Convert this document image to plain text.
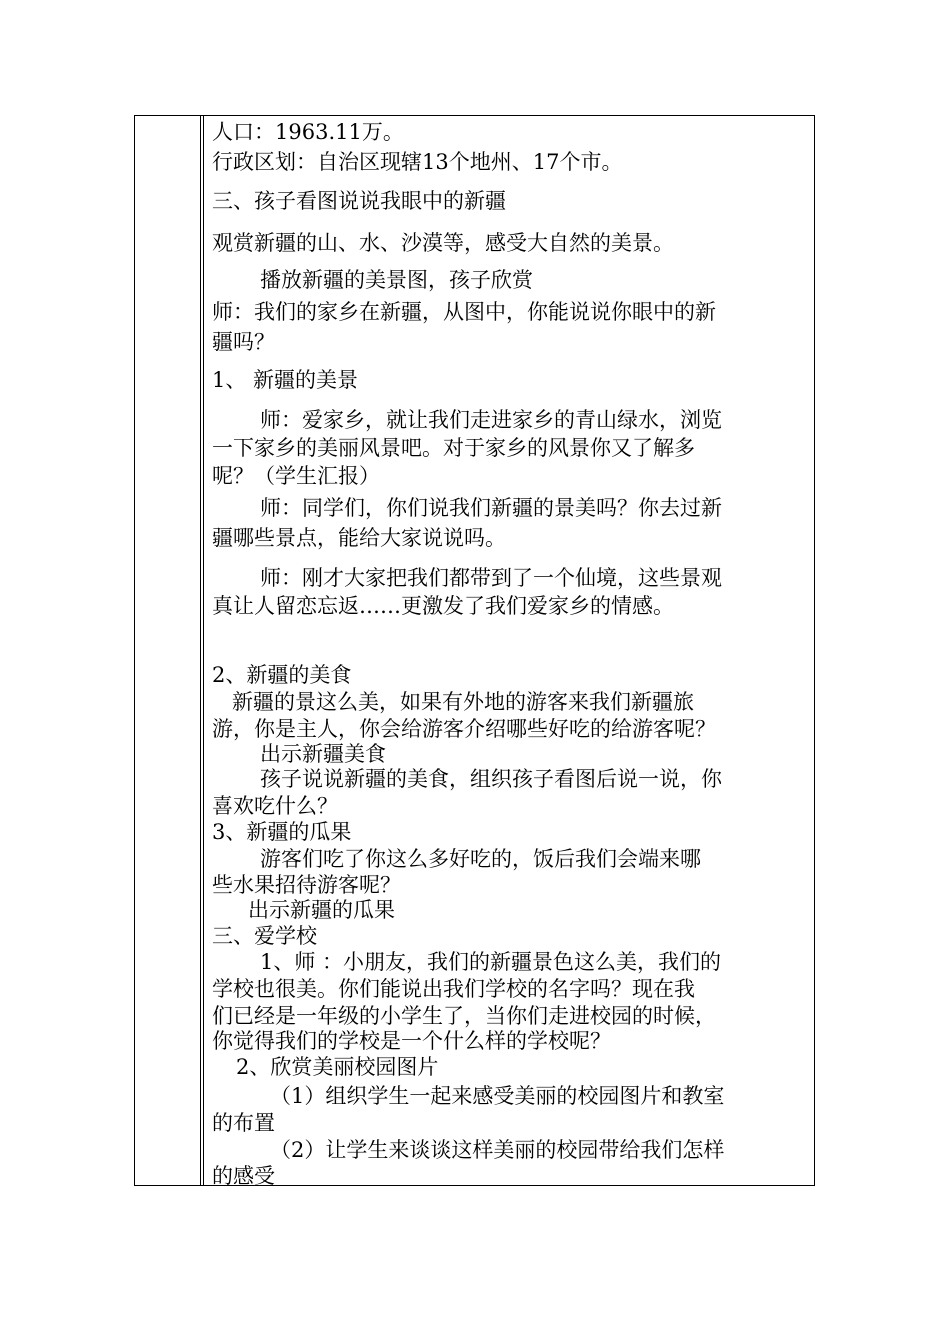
人口：1963.11万。
行政区划：自治区现辖13个地州、17个市。
三、孩子看图说说我眼中的新疆
观赏新疆的山、水、沙漠等，感受大自然的美景。
播放新疆的美景图，孩子欣赏
师：我们的家乡在新疆，从图中，你能说说你眼中的新
疆吗？
1、 新疆的美景
师：爱家乡，就让我们走进家乡的青山绿水，浏览
一下家乡的美丽风景吧。对于家乡的风景你又了解多
呢？（学生汇报）
师：同学们，你们说我们新疆的景美吗？你去过新
疆哪些景点，能给大家说说吗。
师：刚才大家把我们都带到了一个仙境，这些景观
真让人留恋忘返……更激发了我们爱家乡的情感。
2、新疆的美食
新疆的景这么美，如果有外地的游客来我们新疆旅
游，你是主人，你会给游客介绍哪些好吃的给游客呢？
出示新疆美食
孩子说说新疆的美食，组织孩子看图后说一说，你
喜欢吃什么？
3、新疆的瓜果
游客们吃了你这么多好吃的，饭后我们会端来哪
些水果招待游客呢？
出示新疆的瓜果
三、爱学校
1、师 ：小朋友，我们的新疆景色这么美，我们的
学校也很美。你们能说出我们学校的名字吗？现在我
们已经是一年级的小学生了，当你们走进校园的时候，
你觉得我们的学校是一个什么样的学校呢？
2、欣赏美丽校园图片
（1）组织学生一起来感受美丽的校园图片和教室
的布置
（2）让学生来谈谈这样美丽的校园带给我们怎样
的感受
